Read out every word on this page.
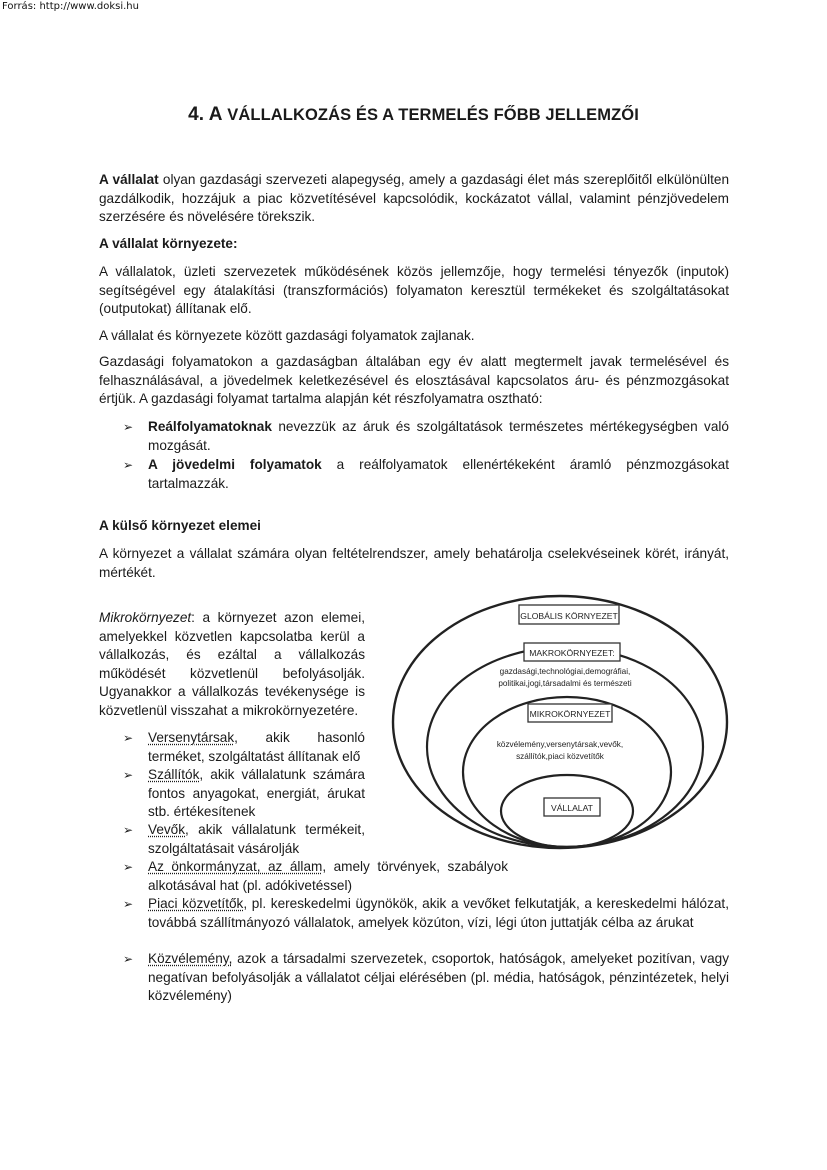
Forrás: http://www.doksi.hu
4. A VÁLLALKOZÁS ÉS A TERMELÉS FŐBB JELLEMZŐI

A vállalat olyan gazdasági szervezeti alapegység, amely a gazdasági élet más szereplőitől elkülönülten gazdálkodik, hozzájuk a piac közvetítésével kapcsolódik, kockázatot vállal, valamint pénzjövedelem szerzésére és növelésére törekszik.

A vállalat környezete:

A vállalatok, üzleti szervezetek működésének közös jellemzője, hogy termelési tényezők (inputok) segítségével egy átalakítási (transzformációs) folyamaton keresztül termékeket és szolgáltatásokat (outputokat) állítanak elő.

A vállalat és környezete között gazdasági folyamatok zajlanak.

Gazdasági folyamatokon a gazdaságban általában egy év alatt megtermelt javak termelésével és felhasználásával, a jövedelmek keletkezésével és elosztásával kapcsolatos áru- és pénzmozgásokat értjük. A gazdasági folyamat tartalma alapján két részfolyamatra osztható:

➢ Reálfolyamatoknak nevezzük az áruk és szolgáltatások természetes mértékegységben való mozgását.
➢ A jövedelmi folyamatok a reálfolyamatok ellenértékeként áramló pénzmozgásokat tartalmazzák.

A külső környezet elemei

A környezet a vállalat számára olyan feltételrendszer, amely behatárolja cselekvéseinek körét, irányát, mértékét.

Mikrokörnyezet: a környezet azon elemei, amelyekkel közvetlen kapcsolatba kerül a vállalkozás, és ezáltal a vállalkozás működését közvetlenül befolyásolják. Ugyanakkor a vállalkozás tevékenysége is közvetlenül visszahat a mikrokörnyezetére.

➢ Versenytársak, akik hasonló terméket, szolgáltatást állítanak elő
➢ Szállítók, akik vállalatunk számára fontos anyagokat, energiát, árukat stb. értékesítenek
➢ Vevők, akik vállalatunk termékeit, szolgáltatásait vásárolják
➢ Az önkormányzat, az állam, amely törvények, szabályok alkotásával hat (pl. adókivetéssel)
➢ Piaci közvetítők, pl. kereskedelmi ügynökök, akik a vevőket felkutatják, a kereskedelmi hálózat, továbbá szállítmányozó vállalatok, amelyek közúton, vízi, légi úton juttatják célba az árukat
➢ Közvélemény, azok a társadalmi szervezetek, csoportok, hatóságok, amelyeket pozitívan, vagy negatívan befolyásolják a vállalatot céljai elérésében (pl. média, hatóságok, pénzintézetek, helyi közvélemény)
GLOBÁLIS KÖRNYEZET
MAKROKÖRNYEZET:
gazdasági,technológiai,demográfiai,
politikai,jogi,társadalmi és természeti
MIKROKÖRNYEZET
közvélemény,versenytársak,vevők,
szállítók,piaci közvetítők
VÁLLALAT
